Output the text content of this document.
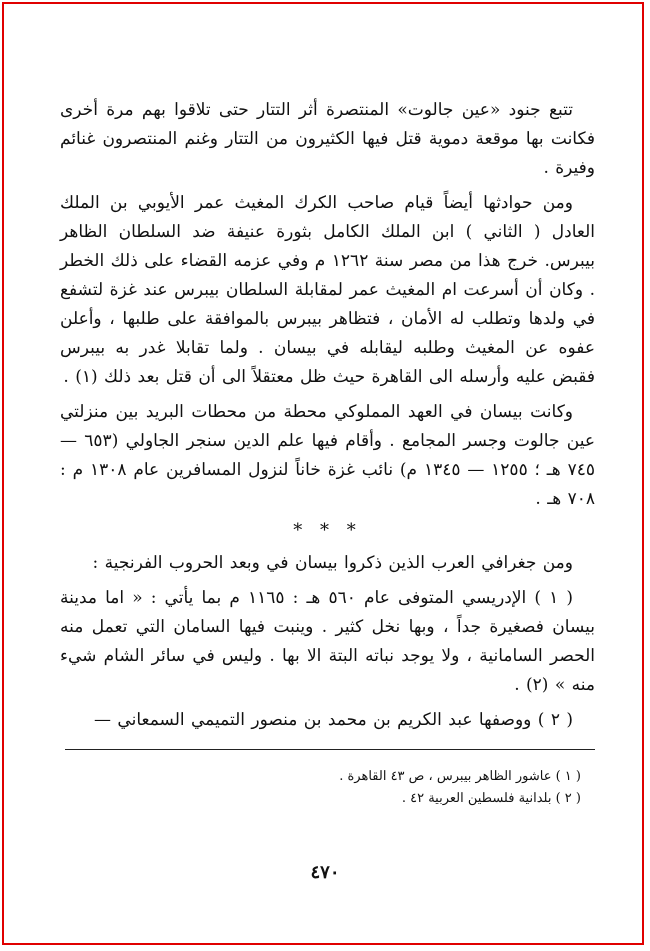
تتبع جنود «عين جالوت» المنتصرة أثر التتار حتى تلاقوا بهم مرة أخرى فكانت بها موقعة دموية قتل فيها الكثيرون من التتار وغنم المنتصرون غنائم وفيرة .

ومن حوادثها أيضاً قيام صاحب الكرك المغيث عمر الأيوبي بن الملك العادل ( الثاني ) ابن الملك الكامل بثورة عنيفة ضد السلطان الظاهر بيبرس. خرج هذا من مصر سنة ١٢٦٢ م وفي عزمه القضاء على ذلك الخطر . وكان أن أسرعت ام المغيث عمر لمقابلة السلطان بيبرس عند غزة لتشفع في ولدها وتطلب له الأمان ، فتظاهر بيبرس بالموافقة على طلبها ، وأعلن عفوه عن المغيث وطلبه ليقابله في بيسان . ولما تقابلا غدر به بيبرس فقبض عليه وأرسله الى القاهرة حيث ظل معتقلاً الى أن قتل بعد ذلك (١) .

وكانت بيسان في العهد المملوكي محطة من محطات البريد بين منزلتي عين جالوت وجسر المجامع . وأقام فيها علم الدين سنجر الجاولي (٦٥٣ — ٧٤٥ هـ ؛ ١٢٥٥ — ١٣٤٥ م) نائب غزة خاناً لنزول المسافرين عام ١٣٠٨ م : ٧٠٨ هـ .

* * *

ومن جغرافي العرب الذين ذكروا بيسان في وبعد الحروب الفرنجية :

( ١ ) الإدريسي المتوفى عام ٥٦٠ هـ : ١١٦٥ م بما يأتي : « اما مدينة بيسان فصغيرة جداً ، وبها نخل كثير . وينبت فيها السامان التي تعمل منه الحصر السامانية ، ولا يوجد نباته البتة الا بها . وليس في سائر الشام شيء منه » (٢) .

( ٢ ) ووصفها عبد الكريم بن محمد بن منصور التميمي السمعاني —

( ١ ) عاشور الظاهر بيبرس ، ص ٤٣ القاهرة .

( ٢ ) بلدانية فلسطين العربية ٤٢ .

٤٧٠
